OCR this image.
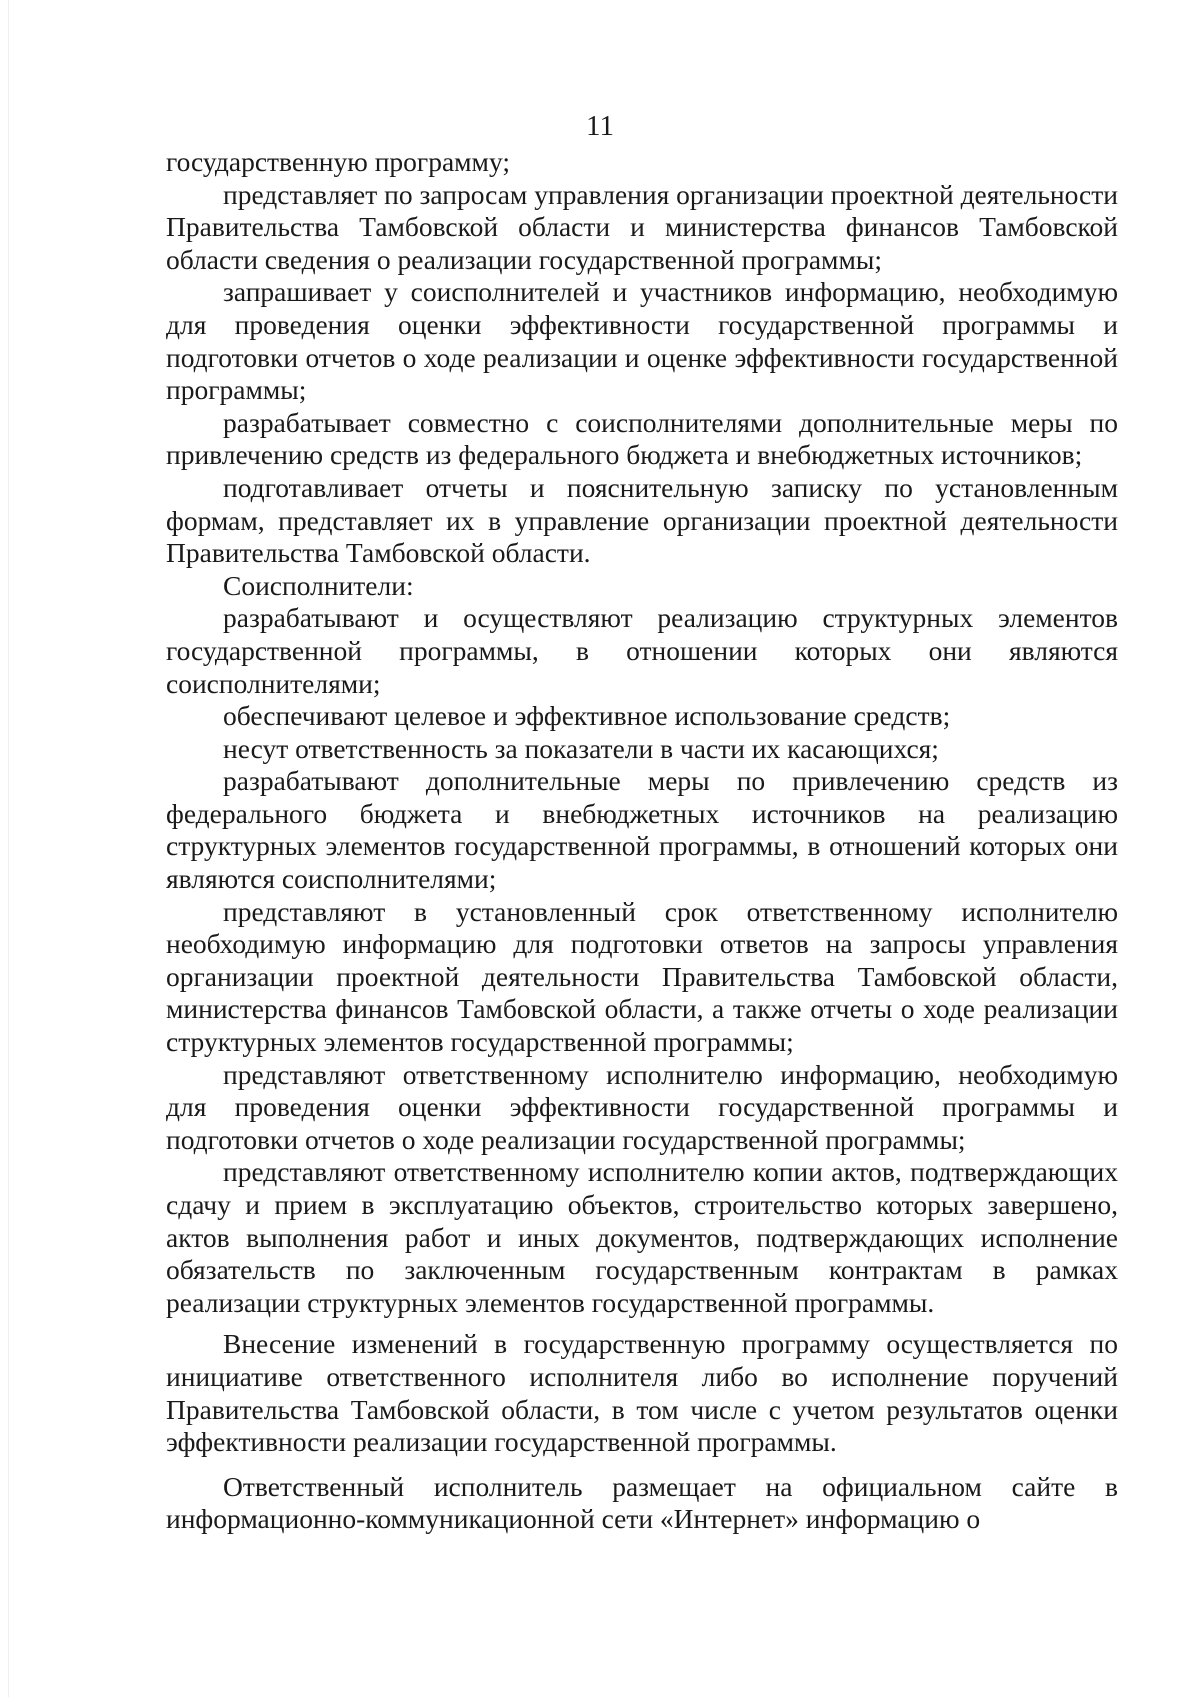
11

государственную программу;

представляет по запросам управления организации проектной деятельности Правительства Тамбовской области и министерства финансов Тамбовской области сведения о реализации государственной программы;

запрашивает у соисполнителей и участников информацию, необходимую для проведения оценки эффективности государственной программы и подготовки отчетов о ходе реализации и оценке эффективности государственной программы;

разрабатывает совместно с соисполнителями дополнительные меры по привлечению средств из федерального бюджета и внебюджетных источников;

подготавливает отчеты и пояснительную записку по установленным формам, представляет их в управление организации проектной деятельности Правительства Тамбовской области.

Соисполнители:

разрабатывают и осуществляют реализацию структурных элементов государственной программы, в отношении которых они являются соисполнителями;

обеспечивают целевое и эффективное использование средств;

несут ответственность за показатели в части их касающихся;

разрабатывают дополнительные меры по привлечению средств из федерального бюджета и внебюджетных источников на реализацию структурных элементов государственной программы, в отношений которых они являются соисполнителями;

представляют в установленный срок ответственному исполнителю необходимую информацию для подготовки ответов на запросы управления организации проектной деятельности Правительства Тамбовской области, министерства финансов Тамбовской области, а также отчеты о ходе реализации структурных элементов государственной программы;

представляют ответственному исполнителю информацию, необходимую для проведения оценки эффективности государственной программы и подготовки отчетов о ходе реализации государственной программы;

представляют ответственному исполнителю копии актов, подтверждающих сдачу и прием в эксплуатацию объектов, строительство которых завершено, актов выполнения работ и иных документов, подтверждающих исполнение обязательств по заключенным государственным контрактам в рамках реализации структурных элементов государственной программы.

Внесение изменений в государственную программу осуществляется по инициативе ответственного исполнителя либо во исполнение поручений Правительства Тамбовской области, в том числе с учетом результатов оценки эффективности реализации государственной программы.

Ответственный исполнитель размещает на официальном сайте в информационно-коммуникационной сети «Интернет» информацию о
